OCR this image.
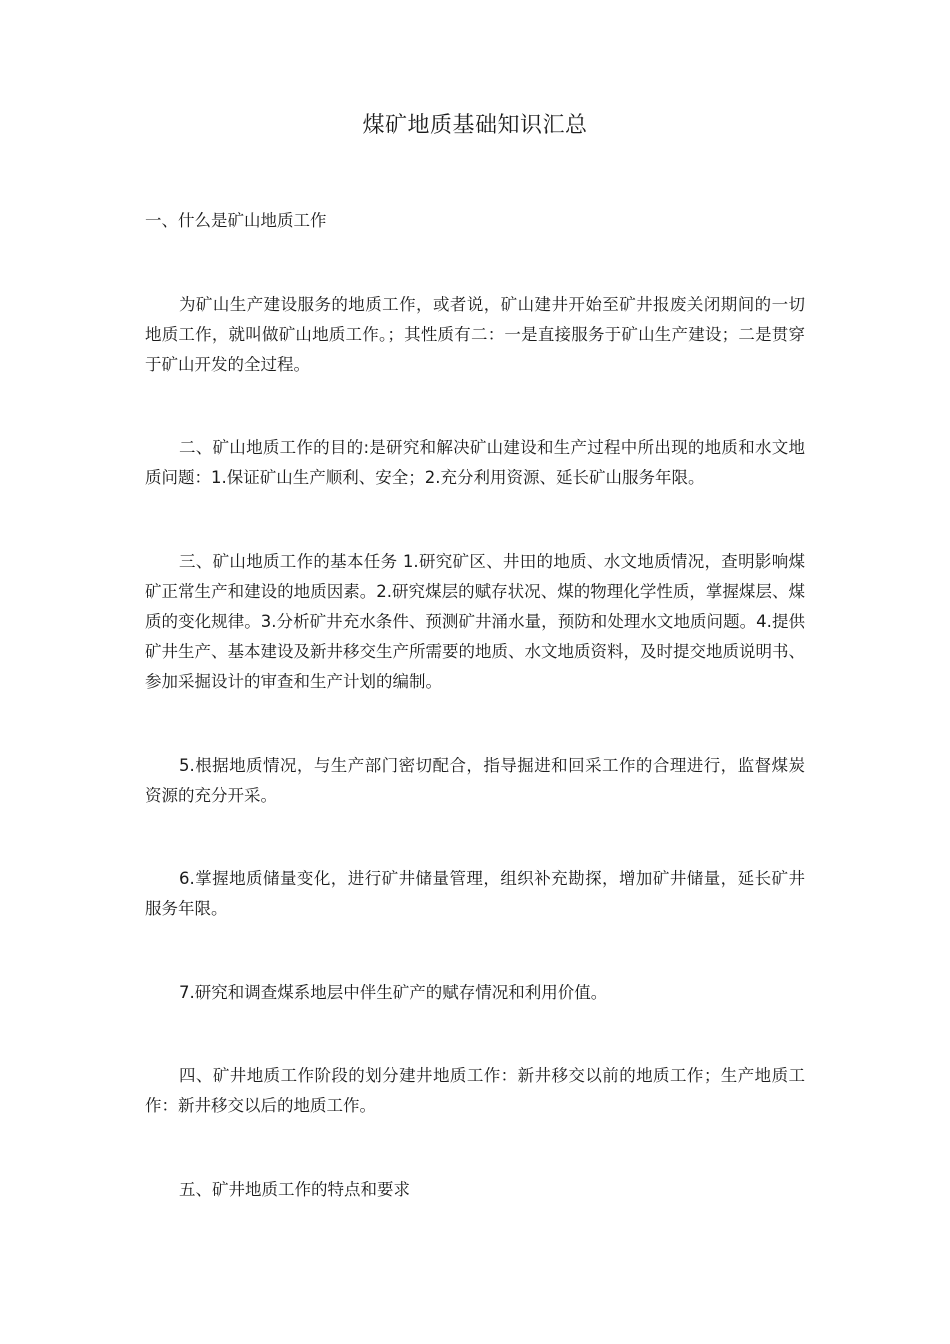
煤矿地质基础知识汇总

一、什么是矿山地质工作

为矿山生产建设服务的地质工作，或者说，矿山建井开始至矿井报废关闭期间的一切地质工作，就叫做矿山地质工作。；其性质有二：一是直接服务于矿山生产建设；二是贯穿于矿山开发的全过程。

二、矿山地质工作的目的:是研究和解决矿山建设和生产过程中所出现的地质和水文地质问题：1.保证矿山生产顺利、安全；2.充分利用资源、延长矿山服务年限。

三、矿山地质工作的基本任务 1.研究矿区、井田的地质、水文地质情况，查明影响煤矿正常生产和建设的地质因素。2.研究煤层的赋存状况、煤的物理化学性质，掌握煤层、煤质的变化规律。3.分析矿井充水条件、预测矿井涌水量，预防和处理水文地质问题。4.提供矿井生产、基本建设及新井移交生产所需要的地质、水文地质资料，及时提交地质说明书、参加采掘设计的审查和生产计划的编制。

5.根据地质情况，与生产部门密切配合，指导掘进和回采工作的合理进行，监督煤炭资源的充分开采。

6.掌握地质储量变化，进行矿井储量管理，组织补充勘探，增加矿井储量，延长矿井服务年限。

7.研究和调查煤系地层中伴生矿产的赋存情况和利用价值。

四、矿井地质工作阶段的划分建井地质工作：新井移交以前的地质工作；生产地质工作：新井移交以后的地质工作。

五、矿井地质工作的特点和要求
